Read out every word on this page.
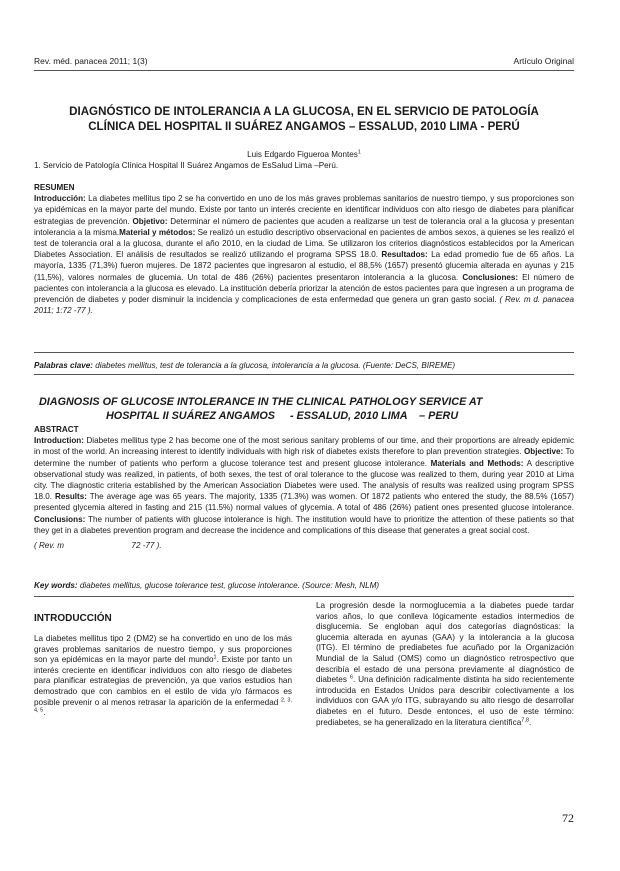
Rev. méd. panacea 2011; 1(3)	Artículo Original
DIAGNÓSTICO DE INTOLERANCIA A LA GLUCOSA, EN EL SERVICIO DE PATOLOGÍA
CLÍNICA DEL HOSPITAL II SUÁREZ ANGAMOS – ESSALUD, 2010 LIMA - PERÚ
Luis Edgardo Figueroa Montes$^1$
1. Servicio de Patología Clínica Hospital II Suárez Angamos de EsSalud Lima –Perú.
RESUMEN
Introducción: La diabetes mellitus tipo 2 se ha convertido en uno de los más graves problemas sanitarios de nuestro tiempo, y sus proporciones son ya epidémicas en la mayor parte del mundo. Existe por tanto un interés creciente en identificar individuos con alto riesgo de diabetes para planificar estrategias de prevención. Objetivo: Determinar el número de pacientes que acuden a realizarse un test de tolerancia oral a la glucosa y presentan intolerancia a la misma.Material y métodos: Se realizó un estudio descriptivo observacional en pacientes de ambos sexos, a quienes se les realizó el test de tolerancia oral a la glucosa, durante el año 2010, en la ciudad de Lima. Se utilizaron los criterios diagnósticos establecidos por la American Diabetes Association. El análisis de resultados se realizó utilizando el programa SPSS 18.0. Resultados: La edad promedio fue de 65 años. La mayoría, 1335 (71,3%) fueron mujeres. De 1872 pacientes que ingresaron al estudio, el 88,5% (1657) presentó glucemia alterada en ayunas y 215 (11,5%), valores normales de glucemia. Un total de 486 (26%) pacientes presentaron intolerancia a la glucosa. Conclusiones: El número de pacientes con intolerancia a la glucosa es elevado. La institución debería priorizar la atención de estos pacientes para que ingresen a un programa de prevención de diabetes y poder disminuir la incidencia y complicaciones de esta enfermedad que genera un gran gasto social. ( Rev. m d. panacea 2011; 1:72 -77 ).
Palabras clave: diabetes mellitus, test de tolerancia a la glucosa, intolerancia a la glucosa. (Fuente: DeCS, BIREME)
DIAGNOSIS OF GLUCOSE INTOLERANCE IN THE CLINICAL PATHOLOGY SERVICE AT
HOSPITAL II SUÁREZ ANGAMOS     - ESSALUD, 2010 LIMA    – PERU
ABSTRACT
Introduction: Diabetes mellitus type 2 has become one of the most serious sanitary problems of our time, and their proportions are already epidemic in most of the world. An increasing interest to identify individuals with high risk of diabetes exists therefore to plan prevention strategies. Objective: To determine the number of patients who perform a glucose tolerance test and present glucose intolerance. Materials and Methods: A descriptive observational study was realized, in patients, of both sexes, the test of oral tolerance to the glucose was realized to them, during year 2010 at Lima city. The diagnostic criteria established by the American Association Diabetes were used. The analysis of results was realized using program SPSS 18.0. Results: The average age was 65 years. The majority, 1335 (71.3%) was women. Of 1872 patients who entered the study, the 88.5% (1657) presented glycemia altered in fasting and 215 (11.5%) normal values of glycemia. A total of 486 (26%) patient ones presented glucose intolerance. Conclusions: The number of patients with glucose intolerance is high. The institution would have to prioritize the attention of these patients so that they get in a diabetes prevention program and decrease the incidence and complications of this disease that generates a great social cost.
( Rev. m                              72 -77 ).
Key words: diabetes mellitus, glucose tolerance test, glucose intolerance. (Source: Mesh, NLM)
INTRODUCCIÓN
La diabetes mellitus tipo 2 (DM2) se ha convertido en uno de los más graves problemas sanitarios de nuestro tiempo, y sus proporciones son ya epidémicas en la mayor parte del mundo$^1$. Existe por tanto un interés creciente en identificar individuos con alto riesgo de diabetes para planificar estrategias de prevención, ya que varios estudios han demostrado que con cambios en el estilo de vida y/o fármacos es posible prevenir o al menos retrasar la aparición de la enfermedad $^{2, 3, 4, 5}$.
La progresión desde la normoglucemia a la diabetes puede tardar varios años, lo que conlleva lógicamente estadios intermedios de disglucemia. Se engloban aquí dos categorías diagnósticas: la glucemia alterada en ayunas (GAA) y la intolerancia a la glucosa (ITG). El término de prediabetes fue acuñado por la Organización Mundial de la Salud (OMS) como un diagnóstico retrospectivo que describía el estado de una persona previamente al diagnóstico de diabetes $^6$. Una definición radicalmente distinta ha sido recientemente introducida en Estados Unidos para describir colectivamente a los individuos con GAA y/o ITG, subrayando su alto riesgo de desarrollar diabetes en el futuro. Desde entonces, el uso de este término: prediabetes, se ha generalizado en la literatura científica$^{7,8}$.
72
